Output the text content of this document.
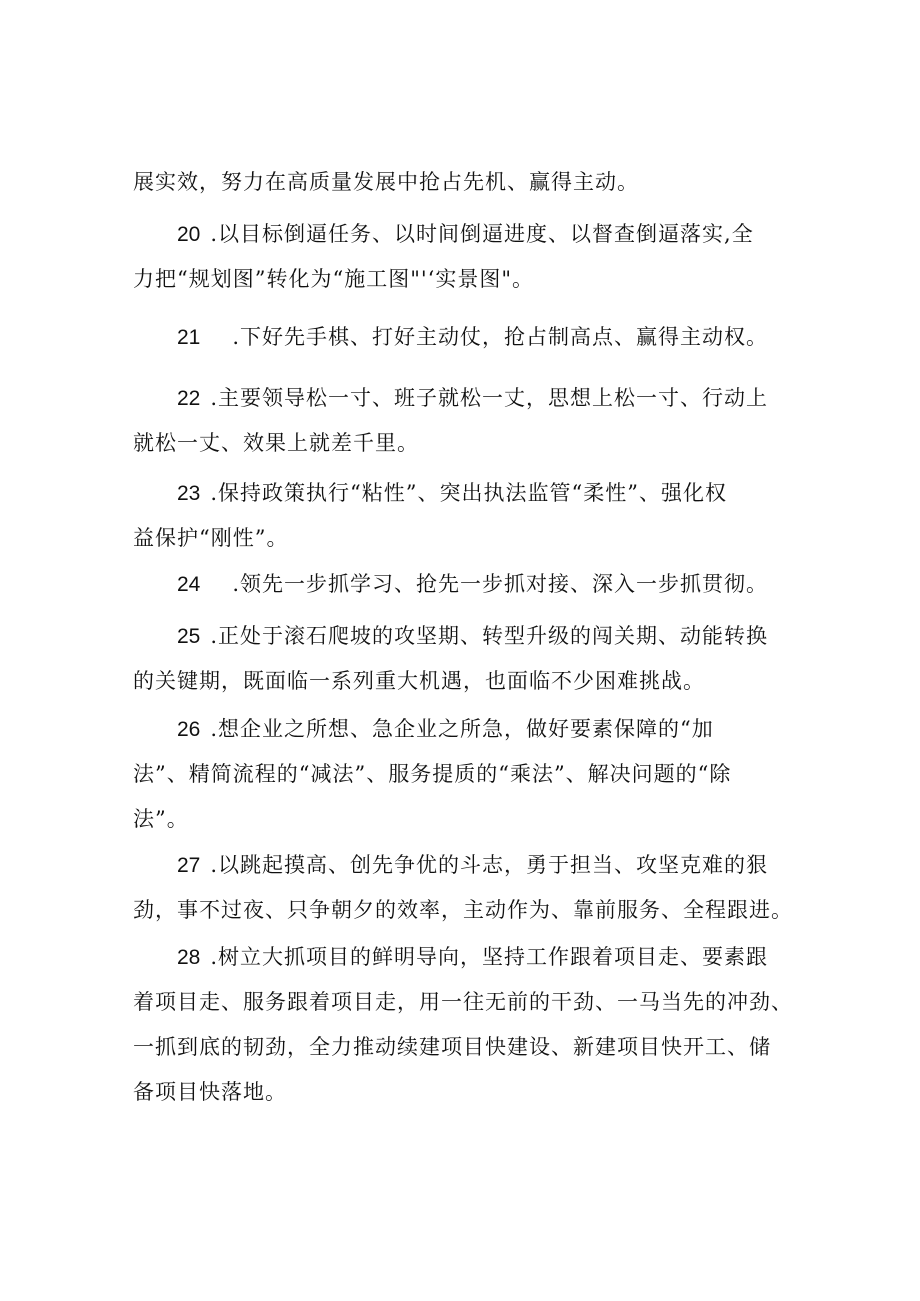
展实效，努力在高质量发展中抢占先机、赢得主动。

20 .以目标倒逼任务、以时间倒逼进度、以督查倒逼落实,全
力把“规划图”转化为“施工图"'‘实景图"。

21 .下好先手棋、打好主动仗，抢占制高点、赢得主动权。

22 .主要领导松一寸、班子就松一丈，思想上松一寸、行动上
就松一丈、效果上就差千里。

23 .保持政策执行“粘性”、突出执法监管“柔性”、强化权
益保护“刚性”。

24 .领先一步抓学习、抢先一步抓对接、深入一步抓贯彻。

25 .正处于滚石爬坡的攻坚期、转型升级的闯关期、动能转换
的关键期，既面临一系列重大机遇，也面临不少困难挑战。

26 .想企业之所想、急企业之所急，做好要素保障的“加
法”、精简流程的“减法”、服务提质的“乘法”、解决问题的“除
法”。

27 .以跳起摸高、创先争优的斗志，勇于担当、攻坚克难的狠
劲，事不过夜、只争朝夕的效率，主动作为、靠前服务、全程跟进。

28 .树立大抓项目的鲜明导向，坚持工作跟着项目走、要素跟
着项目走、服务跟着项目走，用一往无前的干劲、一马当先的冲劲、
一抓到底的韧劲，全力推动续建项目快建设、新建项目快开工、储
备项目快落地。
